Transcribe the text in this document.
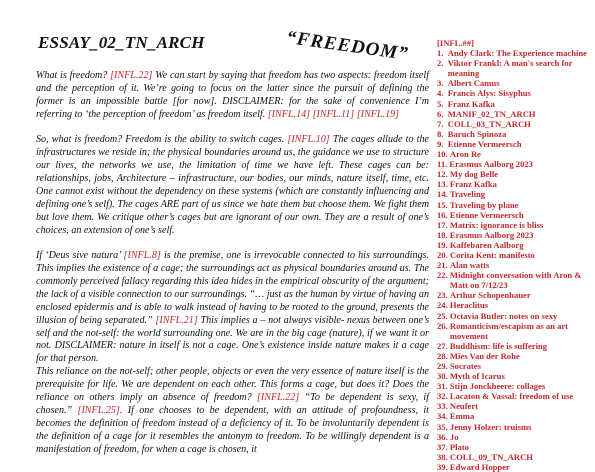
ESSAY_02_TN_ARCH	“FREEDOM”

What is freedom? [INFL.22] We can start by saying that freedom has two aspects: freedom itself and the perception of it. We’re going to focus on the latter since the pursuit of defining the former is an impossible battle [for now]. DISCLAIMER: for the sake of convenience I’m referring to ‘the perception of freedom’ as freedom itself. [INFL.14] [INFL.11] [INFL.19]

So, what is freedom? Freedom is the ability to switch cages. [INFL.10] The cages allude to the infrastructures we reside in; the physical boundaries around us, the guidance we use to structure our lives, the networks we use, the limitation of time we have left. These cages can be: relationships, jobs, Architecture – infrastructure, our bodies, our minds, nature itself, time, etc. One cannot exist without the dependency on these systems (which are constantly influencing and defining one’s self). The cages ARE part of us since we hate them but choose them. We fight them but love them. We critique other’s cages but are ignorant of our own. They are a result of one’s choices, an extension of one’s self.

If ‘Deus sive natura’ [INFL.8] is the premise, one is irrevocable connected to his surroundings. This implies the existence of a cage; the surroundings act as physical boundaries around us. The commonly perceived fallacy regarding this idea hides in the empirical obscurity of the argument; the lack of a visible connection to our surroundings. “… just as the human by virtue of having an enclosed epidermis and is able to walk instead of having to be rooted to the ground, presents the illusion of being separated.” [INFL.21] This implies a – not always visible- nexus between one’s self and the not-self: the world surrounding one. We are in the big cage (nature), if we want it or not. DISCLAIMER: nature in itself is not a cage. One’s existence inside nature makes it a cage for that person.

This reliance on the not-self; other people, objects or even the very essence of nature itself is the prerequisite for life. We are dependent on each other. This forms a cage, but does it? Does the reliance on others imply an absence of freedom? [INFL.22] “To be dependent is sexy, if chosen.” [INFL.25]. If one chooses to be dependent, with an attitude of profoundness, it becomes the definition of freedom instead of a deficiency of it. To be involuntarily dependent is the definition of a cage for it resembles the antonym to freedom. To be willingly dependent is a manifestation of freedom, for when a cage is chosen, it

[INFL.##]
1. Andy Clark: The Experience machine
2. Viktor Frankl: A man's search for meaning
3. Albert Camus
4. Francis Alys: Sisyphus
5. Franz Kafka
6. MANIF_02_TN_ARCH
7. COLL_03_TN_ARCH
8. Baruch Spinoza
9. Etienne Vermeersch
10. Aron Re
11. Erasmus Aalborg 2023
12. My dog Belle
13. Franz Kafka
14. Traveling
15. Traveling by plane
16. Etienne Vermeersch
17. Matrix: ignorance is bliss
18. Erasmus Aalborg 2023
19. Kaffebaren Aalborg
20. Corita Kent: manifesto
21. Alan watts
22. Midnight conversation with Aron & Matt on 7/12/23
23. Arthur Schopenhauer
24. Heraclitus
25. Octavia Butler: notes on sexy
26. Romanticism/escapism as an art movement
27. Buddhism: life is suffering
28. Mies Van der Rohe
29. Socrates
30. Myth of Icarus
31. Stijn Jonckheere: collages
32. Lacaton & Vassal: freedom of use
33. Neufert
34. Emma
35. Jenny Holzer: truisms
36. Jo
37. Plato
38. COLL_09_TN_ARCH
39. Edward Hopper
